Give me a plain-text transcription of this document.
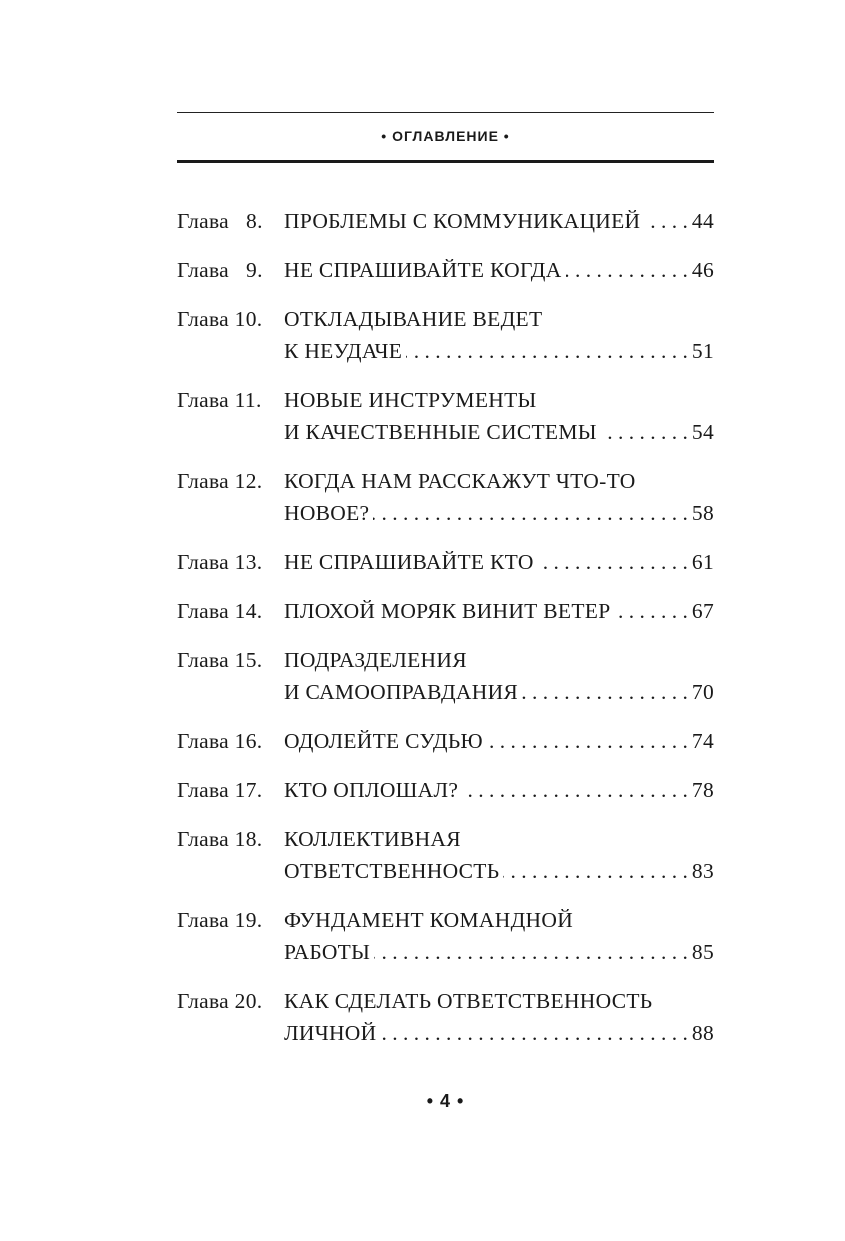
• ОГЛАВЛЕНИЕ •
Глава   8. ПРОБЛЕМЫ С КОММУНИКАЦИЕЙ . . . 44
Глава   9. НЕ СПРАШИВАЙТЕ КОГДА . . .	46
Глава 10.	ОТКЛАДЫВАНИЕ ВЕДЕТ
К НЕУДАЧЕ . . .	51
Глава 11.	НОВЫЕ ИНСТРУМЕНТЫ
И КАЧЕСТВЕННЫЕ СИСТЕМЫ . . .	54
Глава 12.	КОГДА НАМ РАССКАЖУТ ЧТО-ТО
НОВОЕ? . . .	58
Глава 13.	НЕ СПРАШИВАЙТЕ КТО . . .	61
Глава 14.	ПЛОХОЙ МОРЯК ВИНИТ ВЕТЕР . . .	67
Глава 15.	ПОДРАЗДЕЛЕНИЯ
И САМООПРАВДАНИЯ . . .	70
Глава 16.	ОДОЛЕЙТЕ СУДЬЮ . . .	74
Глава 17.	КТО ОПЛОШАЛ? . . .	78
Глава 18.	КОЛЛЕКТИВНАЯ
ОТВЕТСТВЕННОСТЬ . . .	83
Глава 19.	ФУНДАМЕНТ КОМАНДНОЙ
РАБОТЫ . . .	85
Глава 20.	КАК СДЕЛАТЬ ОТВЕТСТВЕННОСТЬ
ЛИЧНОЙ . . .	88
• 4 •
